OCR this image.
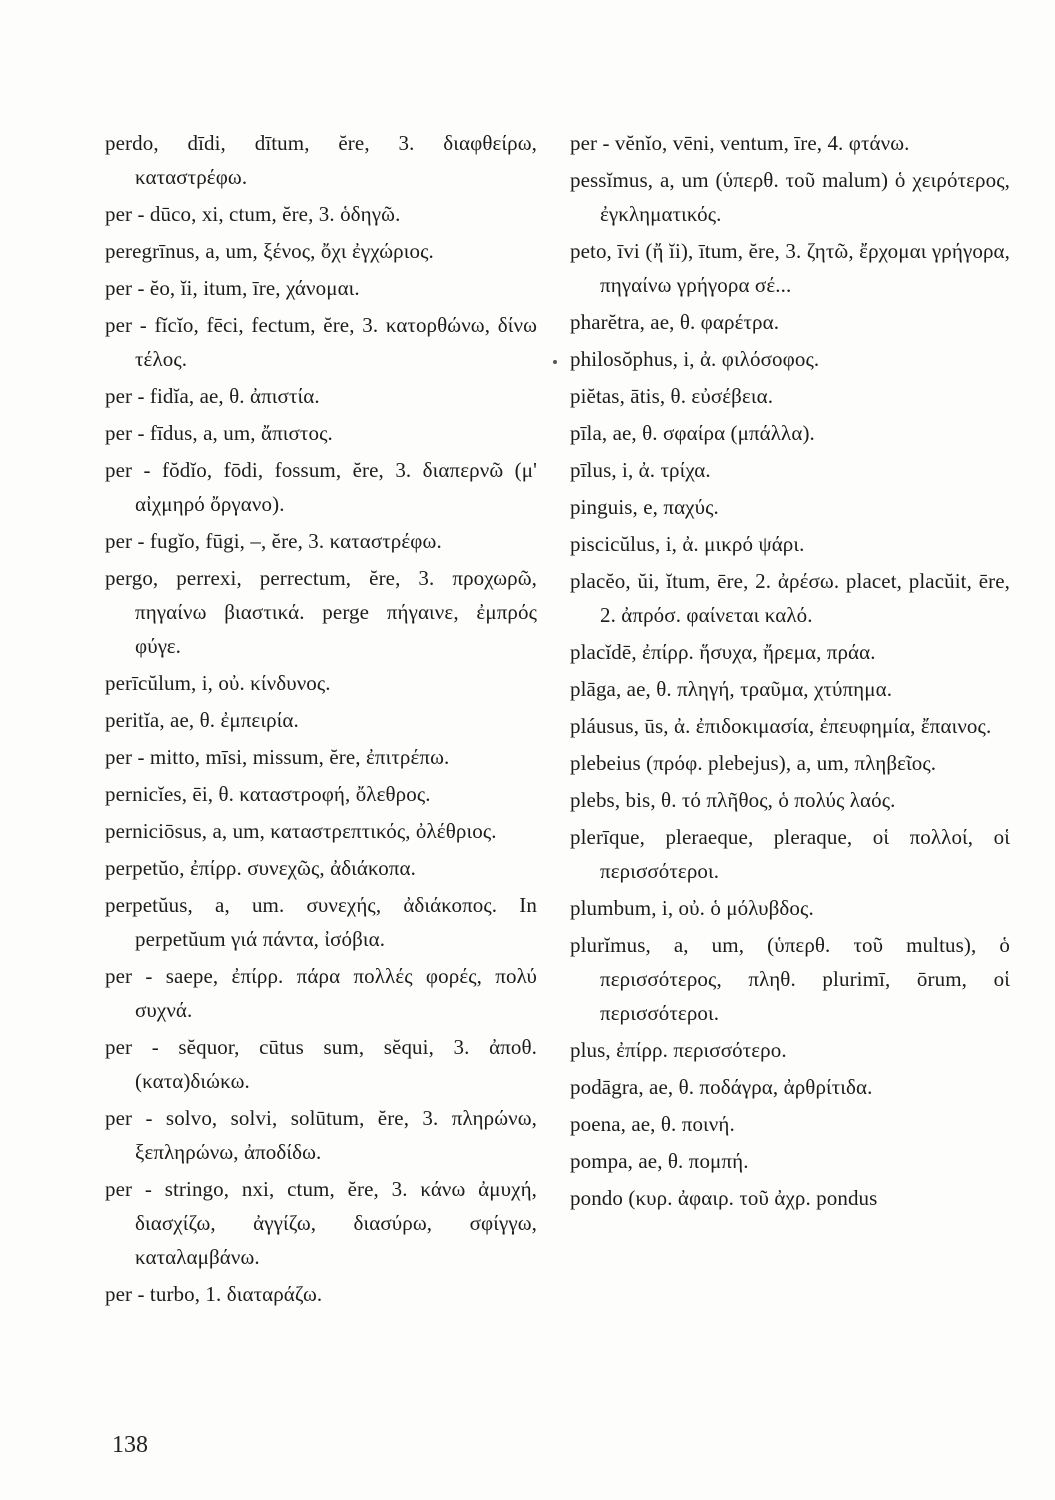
perdo, dīdi, dītum, ĕre, 3. διαφθείρω, καταστρέφω.

per - dūco, xi, ctum, ĕre, 3. ὁδηγῶ.

peregrīnus, a, um, ξένος, ὄχι ἐγχώριος.

per - ĕo, ĭi, itum, īre, χάνομαι.

per - fĭcĭo, fēci, fectum, ĕre, 3. κατορθώνω, δίνω τέλος.

per - fidĭa, ae, θ. ἀπιστία.

per - fīdus, a, um, ἄπιστος.

per - fŏdĭo, fōdi, fossum, ĕre, 3. διαπερνῶ (μ' αἰχμηρό ὄργανο).

per - fugĭo, fūgi, –, ĕre, 3. καταστρέφω.

pergo, perrexi, perrectum, ĕre, 3. προχωρῶ, πηγαίνω βιαστικά. perge πήγαινε, ἐμπρός φύγε.

perīcŭlum, i, οὐ. κίνδυνος.

peritĭa, ae, θ. ἐμπειρία.

per - mitto, mīsi, missum, ĕre, ἐπιτρέπω.

pernicĭes, ēi, θ. καταστροφή, ὄλεθρος.

perniciōsus, a, um, καταστρεπτικός, ὀλέθριος.

perpetŭo, ἐπίρρ. συνεχῶς, ἀδιάκοπα.

perpetŭus, a, um. συνεχής, ἀδιάκοπος. In perpetŭum γιά πάντα, ἰσόβια.

per - saepe, ἐπίρρ. πάρα πολλές φορές, πολύ συχνά.

per - sĕquor, cūtus sum, sĕqui, 3. ἀποθ. (κατα)διώκω.

per - solvo, solvi, solūtum, ĕre, 3. πληρώνω, ξεπληρώνω, ἀποδίδω.

per - stringo, nxi, ctum, ĕre, 3. κάνω ἀμυχή, διασχίζω, ἀγγίζω, διασύρω, σφίγγω, καταλαμβάνω.

per - turbo, 1. διαταράζω.

per - vĕnĭo, vēni, ventum, īre, 4. φτάνω.

pessĭmus, a, um (ὑπερθ. τοῦ malum) ὁ χειρότερος, ἐγκληματικός.

peto, īvi (ἤ ĭi), ītum, ĕre, 3. ζητῶ, ἔρχομαι γρήγορα, πηγαίνω γρήγορα σέ...

pharĕtra, ae, θ. φαρέτρα.

philosŏphus, i, ἀ. φιλόσοφος.

piĕtas, ātis, θ. εὐσέβεια.

pīla, ae, θ. σφαίρα (μπάλλα).

pīlus, i, ἀ. τρίχα.

pinguis, e, παχύς.

piscicŭlus, i, ἀ. μικρό ψάρι.

placĕo, ŭi, ĭtum, ēre, 2. ἀρέσω. placet, placŭit, ēre, 2. ἀπρόσ. φαίνεται καλό.

placĭdē, ἐπίρρ. ἥσυχα, ἤρεμα, πράα.

plāga, ae, θ. πληγή, τραῦμα, χτύπημα.

pláusus, ūs, ἀ. ἐπιδοκιμασία, ἐπευφημία, ἔπαινος.

plebeius (πρόφ. plebejus), a, um, πληβεῖος.

plebs, bis, θ. τό πλῆθος, ὁ πολύς λαός.

plerīque, pleraeque, pleraque, οἱ πολλοί, οἱ περισσότεροι.

plumbum, i, οὐ. ὁ μόλυβδος.

plurĭmus, a, um, (ὑπερθ. τοῦ multus), ὁ περισσότερος, πληθ. plurimī, ōrum, οἱ περισσότεροι.

plus, ἐπίρρ. περισσότερο.

podāgra, ae, θ. ποδάγρα, ἀρθρίτιδα.

poena, ae, θ. ποινή.

pompa, ae, θ. πομπή.

pondo (κυρ. ἀφαιρ. τοῦ ἀχρ. pondus

138
